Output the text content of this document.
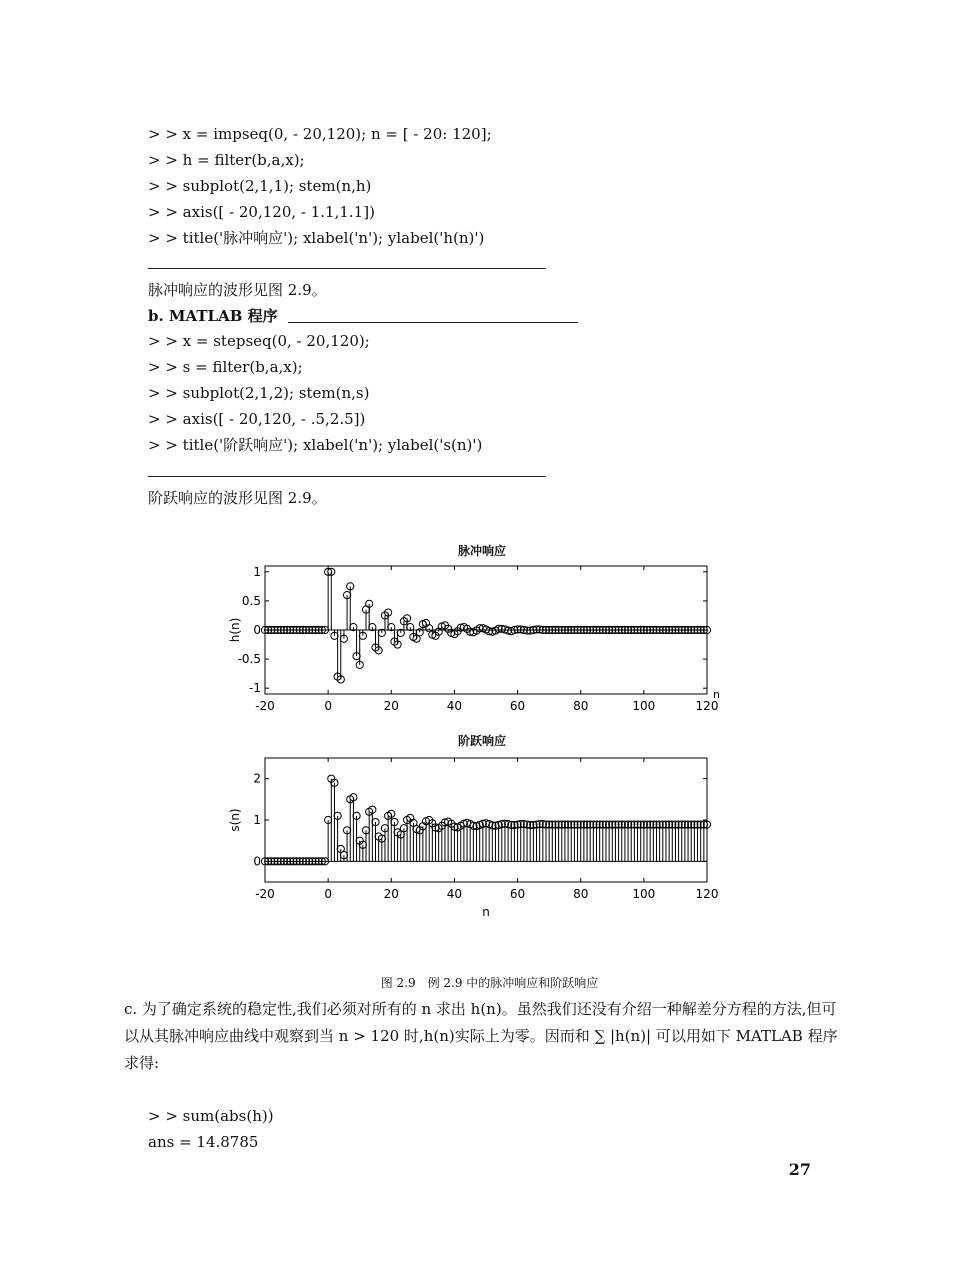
> > x = impseq(0, - 20,120); n = [ - 20: 120];
> > h = filter(b,a,x);
> > subplot(2,1,1); stem(n,h)
> > axis([ - 20,120, - 1.1,1.1])
> > title('脉冲响应'); xlabel('n'); ylabel('h(n)')
脉冲响应的波形见图 2.9。
b. MATLAB 程序
> > x = stepseq(0, - 20,120);
> > s = filter(b,a,x);
> > subplot(2,1,2); stem(n,s)
> > axis([ - 20,120, - .5,2.5])
> > title('阶跃响应'); xlabel('n'); ylabel('s(n)')
阶跃响应的波形见图 2.9。
脉冲响应
-20	0	20	40	60	80	100	120
1
0.5
0
-0.5
-1
h(n)
n
阶跃响应
-20	0	20	40	60	80	100	120
2
1
0
s(n)
n
图 2.9　例 2.9 中的脉冲响应和阶跃响应
c. 为了确定系统的稳定性,我们必须对所有的 n 求出 h(n)。虽然我们还没有介绍一种解差分方程的方法,但可以从其脉冲响应曲线中观察到当 n > 120 时,h(n)实际上为零。因而和 ∑ |h(n)| 可以用如下 MATLAB 程序求得:
> > sum(abs(h))
ans = 14.8785
27
